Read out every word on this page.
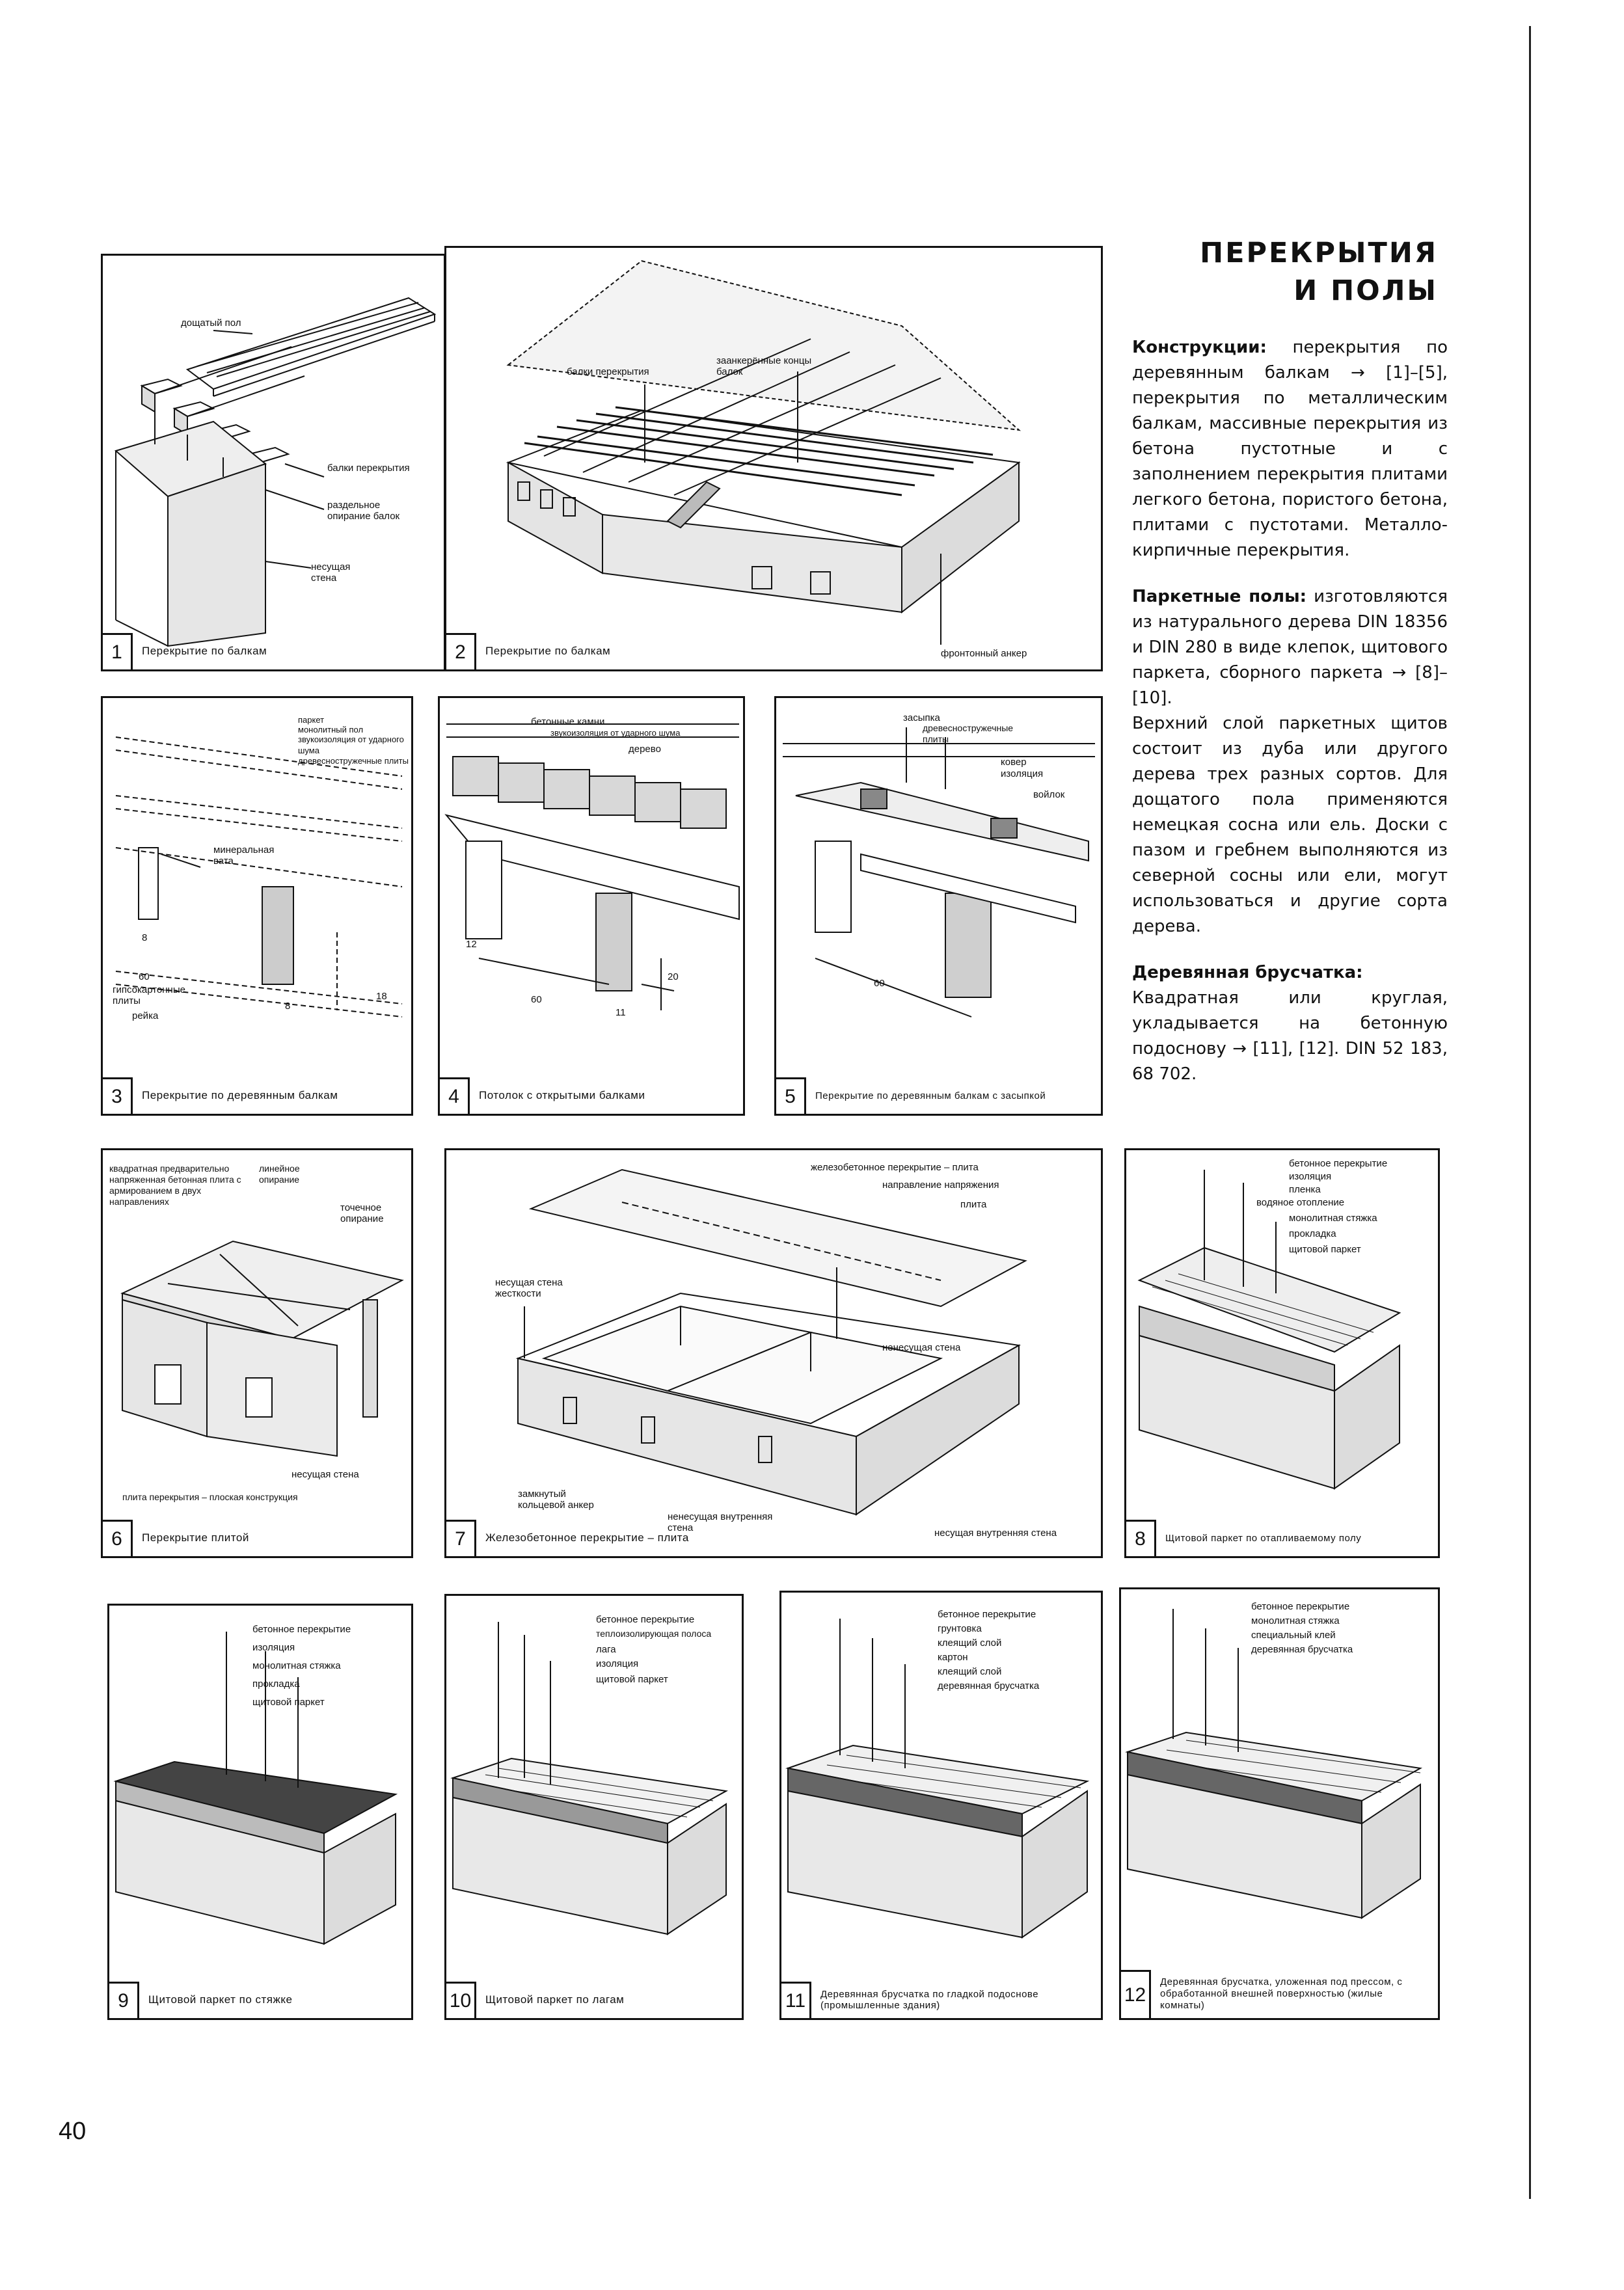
дощатый пол
балки перекрытия
раздельное опирание балок
несущая стена
1	Перекрытие по балкам
балки перекрытия
заанкерённые концы балок
фронтонный анкер
2	Перекрытие по балкам
паркет
монолитный пол
звукоизоляция от ударного шума
древесностружечные плиты
минеральная вата
8
60
гипсокартонные плиты
рейка
8
18
3	Перекрытие по деревянным балкам
бетонные камни
звукоизоляция от ударного шума
дерево
12
60
11
20
4	Потолок с открытыми балками
засыпка
древесностружечные плиты
ковер
изоляция
войлок
60
5	Перекрытие по деревянным балкам с засыпкой
квадратная предварительно напряженная бетонная плита с армированием в двух направлениях
линейное опирание
точечное опирание
несущая стена
плита перекрытия – плоская конструкция
6	Перекрытие плитой
железобетонное перекрытие – плита
направление напряжения
плита
несущая стена жесткости
ненесущая стена
замкнутый кольцевой анкер
ненесущая внутренняя стена	несущая внутренняя стена
7	Железобетонное перекрытие – плита
бетонное перекрытие
изоляция
пленка
водяное отопление
монолитная стяжка
прокладка
щитовой паркет
8	Щитовой паркет по отапливаемому полу
бетонное перекрытие
изоляция
монолитная стяжка
прокладка
щитовой паркет
9	Щитовой паркет по стяжке
бетонное перекрытие
теплоизолирующая полоса
лага
изоляция
щитовой паркет
10	Щитовой паркет по лагам
бетонное перекрытие
грунтовка
клеящий слой
картон
клеящий слой
деревянная брусчатка
11	Деревянная брусчатка по гладкой подоснове (промышленные здания)
бетонное перекрытие
монолитная стяжка
специальный клей
деревянная брусчатка
12
Деревянная брусчатка, уложенная под прессом, с обработанной внешней поверхностью (жилые комнаты)
ПЕРЕКРЫТИЯ
И ПОЛЫ

Конструкции: перекрытия по деревянным балкам → [1]–[5], перекрытия по металлическим балкам, массивные перекрытия из бетона пустотные и с заполнением перекрытия плитами легкого бетона, пористого бетона, плитами с пустотами. Металло-кирпичные перекрытия.

Паркетные полы: изготовляются из натурального дерева DIN 18356 и DIN 280 в виде клепок, щитового паркета, сборного паркета → [8]–[10].

Верхний слой паркетных щитов состоит из дуба или другого дерева трех разных сортов. Для дощатого пола применяются немецкая сосна или ель. Доски с пазом и гребнем выполняются из северной сосны или ели, могут использоваться и другие сорта дерева.

Деревянная брусчатка:
Квадратная или круглая, укладывается на бетонную подоснову → [11], [12]. DIN 52 183, 68 702.

40
